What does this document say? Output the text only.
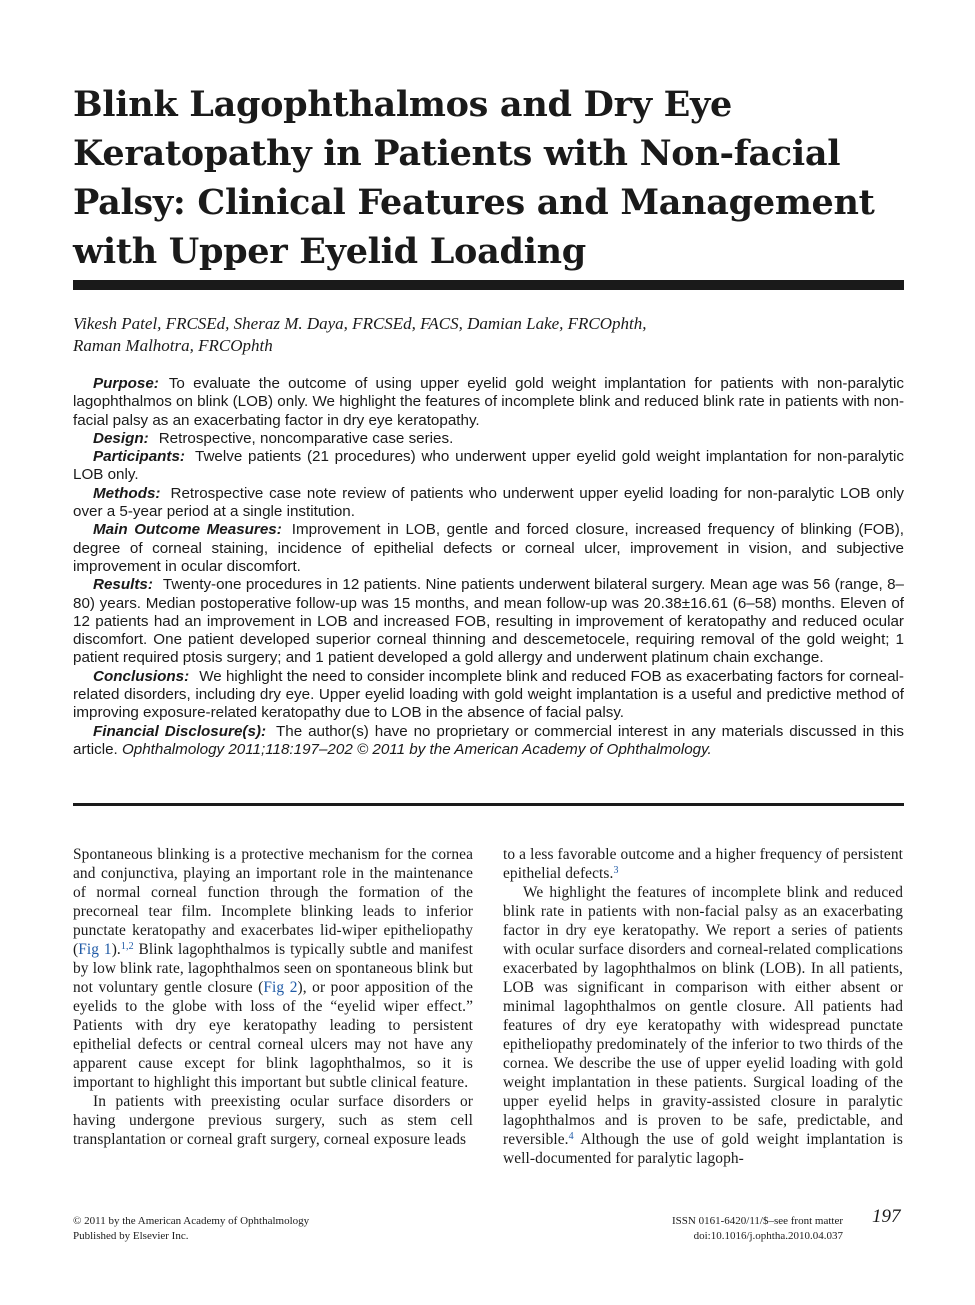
Blink Lagophthalmos and Dry Eye
Keratopathy in Patients with Non-facial
Palsy: Clinical Features and Management
with Upper Eyelid Loading
Vikesh Patel, FRCSEd, Sheraz M. Daya, FRCSEd, FACS, Damian Lake, FRCOphth,
Raman Malhotra, FRCOphth

Purpose: To evaluate the outcome of using upper eyelid gold weight implantation for patients with non-paralytic lagophthalmos on blink (LOB) only. We highlight the features of incomplete blink and reduced blink rate in patients with non-facial palsy as an exacerbating factor in dry eye keratopathy.

Design: Retrospective, noncomparative case series.

Participants: Twelve patients (21 procedures) who underwent upper eyelid gold weight implantation for non-paralytic LOB only.

Methods: Retrospective case note review of patients who underwent upper eyelid loading for non-paralytic LOB only over a 5-year period at a single institution.

Main Outcome Measures: Improvement in LOB, gentle and forced closure, increased frequency of blinking (FOB), degree of corneal staining, incidence of epithelial defects or corneal ulcer, improvement in vision, and subjective improvement in ocular discomfort.

Results: Twenty-one procedures in 12 patients. Nine patients underwent bilateral surgery. Mean age was 56 (range, 8–80) years. Median postoperative follow-up was 15 months, and mean follow-up was 20.38±16.61 (6–58) months. Eleven of 12 patients had an improvement in LOB and increased FOB, resulting in improvement of keratopathy and reduced ocular discomfort. One patient developed superior corneal thinning and descemetocele, requiring removal of the gold weight; 1 patient required ptosis surgery; and 1 patient developed a gold allergy and underwent platinum chain exchange.

Conclusions: We highlight the need to consider incomplete blink and reduced FOB as exacerbating factors for corneal-related disorders, including dry eye. Upper eyelid loading with gold weight implantation is a useful and predictive method of improving exposure-related keratopathy due to LOB in the absence of facial palsy.

Financial Disclosure(s): The author(s) have no proprietary or commercial interest in any materials discussed in this article. Ophthalmology 2011;118:197–202 © 2011 by the American Academy of Ophthalmology.

Spontaneous blinking is a protective mechanism for the cornea and conjunctiva, playing an important role in the maintenance of normal corneal function through the formation of the precorneal tear film. Incomplete blinking leads to inferior punctate keratopathy and exacerbates lid-wiper epitheliopathy (Fig 1).$^{1,2}$ Blink lagophthalmos is typically subtle and manifest by low blink rate, lagophthalmos seen on spontaneous blink but not voluntary gentle closure (Fig 2), or poor apposition of the eyelids to the globe with loss of the “eyelid wiper effect.” Patients with dry eye keratopathy leading to persistent epithelial defects or central corneal ulcers may not have any apparent cause except for blink lagophthalmos, so it is important to highlight this important but subtle clinical feature.

In patients with preexisting ocular surface disorders or having undergone previous surgery, such as stem cell transplantation or corneal graft surgery, corneal exposure leads

to a less favorable outcome and a higher frequency of persistent epithelial defects.$^3$

We highlight the features of incomplete blink and reduced blink rate in patients with non-facial palsy as an exacerbating factor in dry eye keratopathy. We report a series of patients with ocular surface disorders and corneal-related complications exacerbated by lagophthalmos on blink (LOB). In all patients, LOB was significant in comparison with either absent or minimal lagophthalmos on gentle closure. All patients had features of dry eye keratopathy with widespread punctate epitheliopathy predominately of the inferior to two thirds of the cornea. We describe the use of upper eyelid loading with gold weight implantation in these patients. Surgical loading of the upper eyelid helps in gravity-assisted closure in paralytic lagophthalmos and is proven to be safe, predictable, and reversible.$^4$ Although the use of gold weight implantation is well-documented for paralytic lagoph-

© 2011 by the American Academy of Ophthalmology
Published by Elsevier Inc.
ISSN 0161-6420/11/$–see front matter
doi:10.1016/j.ophtha.2010.04.037
197
